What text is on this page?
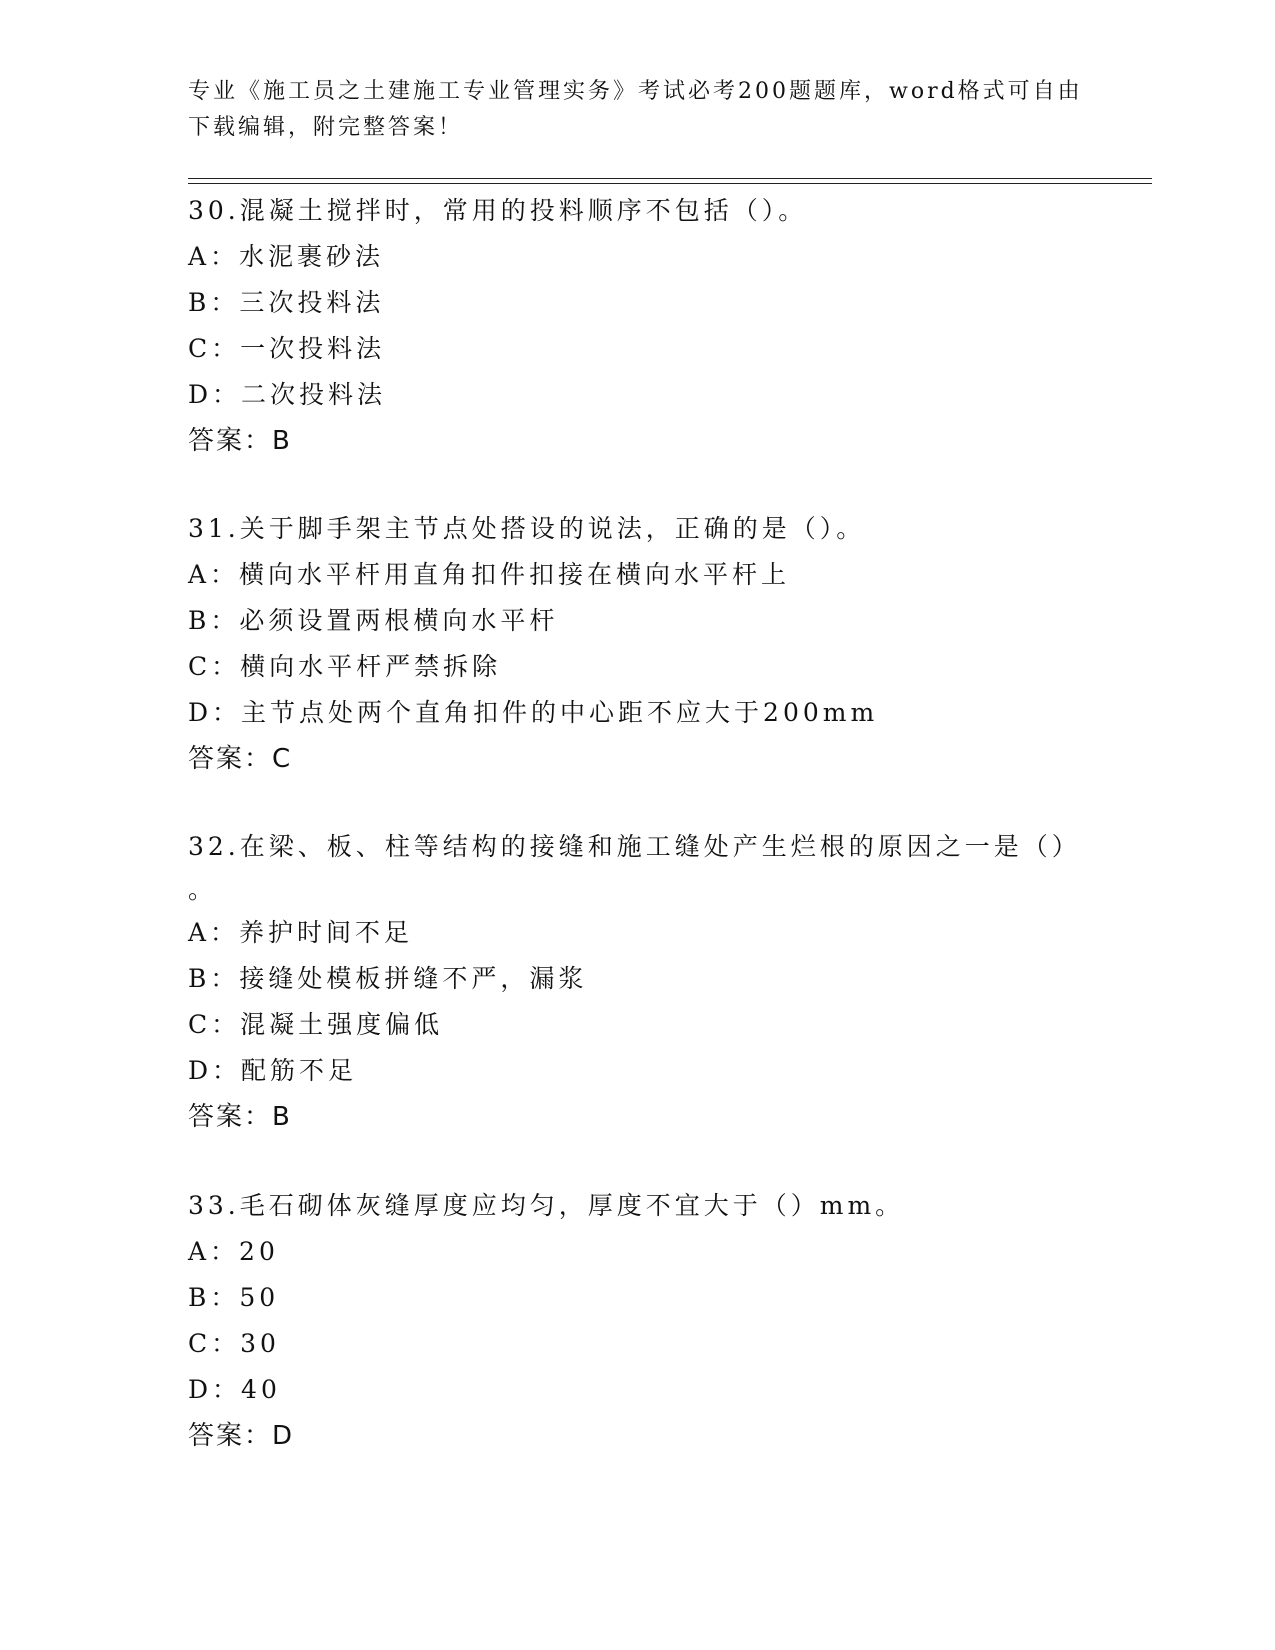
专业《施工员之土建施工专业管理实务》考试必考200题题库，word格式可自由
下载编辑，附完整答案！
30.混凝土搅拌时，常用的投料顺序不包括（）。
A：水泥裹砂法
B：三次投料法
C：一次投料法
D：二次投料法
答案：B
31.关于脚手架主节点处搭设的说法，正确的是（）。
A：横向水平杆用直角扣件扣接在横向水平杆上
B：必须设置两根横向水平杆
C：横向水平杆严禁拆除
D：主节点处两个直角扣件的中心距不应大于200mm
答案：C
32.在梁、板、柱等结构的接缝和施工缝处产生烂根的原因之一是（）
。
A：养护时间不足
B：接缝处模板拼缝不严，漏浆
C：混凝土强度偏低
D：配筋不足
答案：B
33.毛石砌体灰缝厚度应均匀，厚度不宜大于（）mm。
A：20
B：50
C：30
D：40
答案：D
